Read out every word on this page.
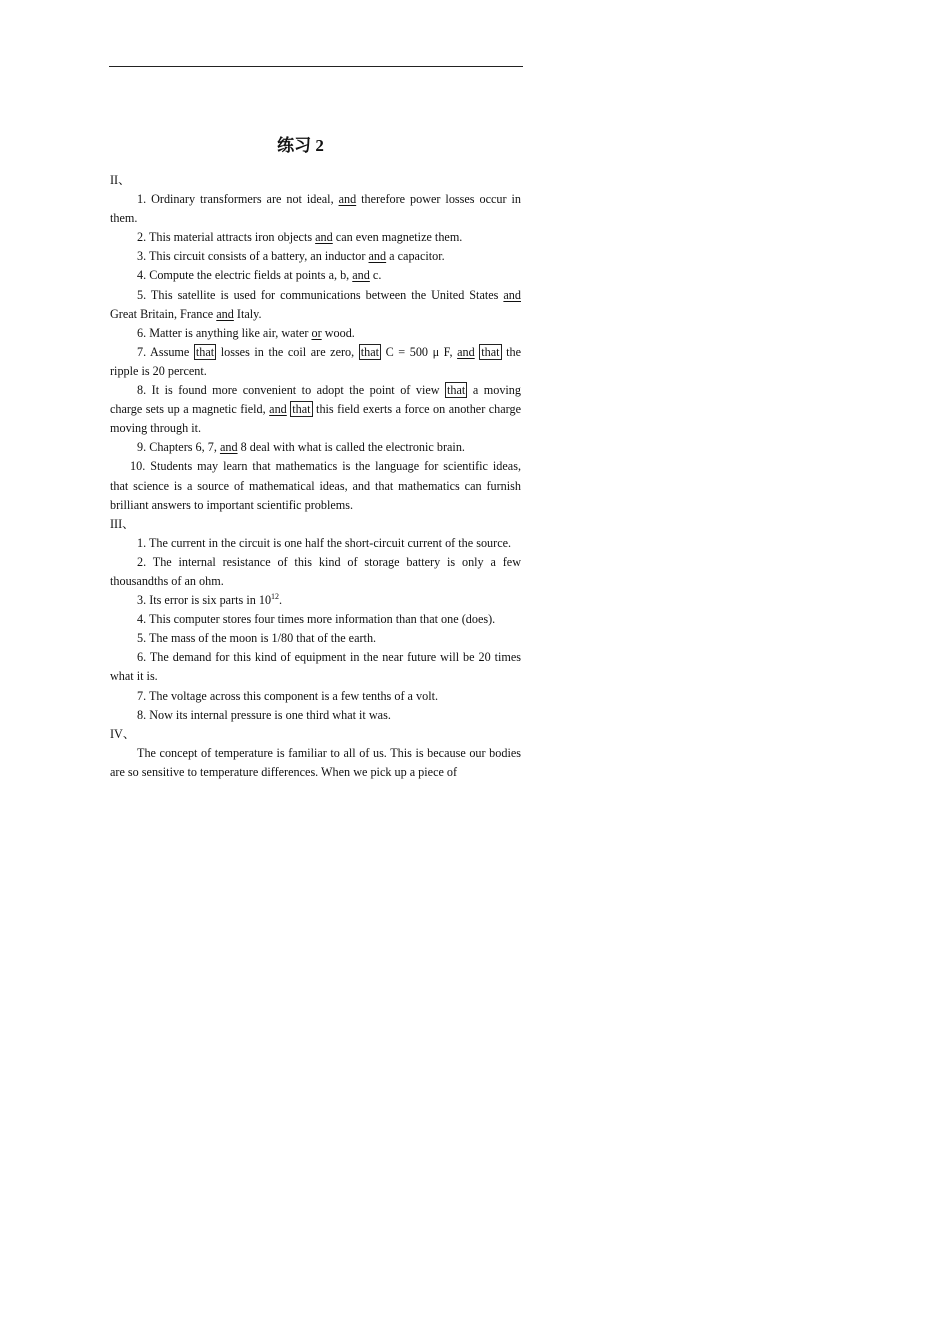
练习 2
II、

1. Ordinary transformers are not ideal, and therefore power losses occur in them.

2. This material attracts iron objects and can even magnetize them.

3. This circuit consists of a battery, an inductor and a capacitor.

4. Compute the electric fields at points a, b, and c.

5. This satellite is used for communications between the United States and Great Britain, France and Italy.

6. Matter is anything like air, water or wood.

7. Assume that losses in the coil are zero, that C = 500 μ F, and that the ripple is 20 percent.

8. It is found more convenient to adopt the point of view that a moving charge sets up a magnetic field, and that this field exerts a force on another charge moving through it.

9. Chapters 6, 7, and 8 deal with what is called the electronic brain.

10. Students may learn that mathematics is the language for scientific ideas, that science is a source of mathematical ideas, and that mathematics can furnish brilliant answers to important scientific problems.

III、

1. The current in the circuit is one half the short-circuit current of the source.

2. The internal resistance of this kind of storage battery is only a few thousandths of an ohm.

3. Its error is six parts in $10^{12}$.

4. This computer stores four times more information than that one (does).

5. The mass of the moon is 1/80 that of the earth.

6. The demand for this kind of equipment in the near future will be 20 times what it is.

7. The voltage across this component is a few tenths of a volt.

8. Now its internal pressure is one third what it was.

IV、

The concept of temperature is familiar to all of us. This is because our bodies are so sensitive to temperature differences. When we pick up a piece of
